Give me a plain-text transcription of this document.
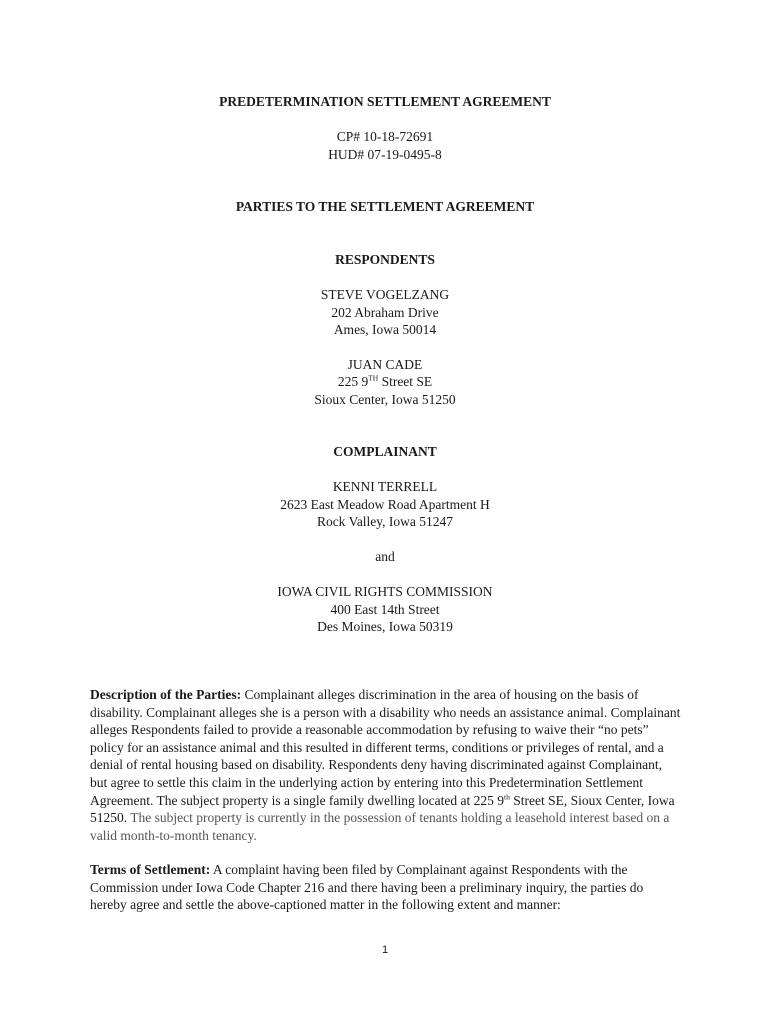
PREDETERMINATION SETTLEMENT AGREEMENT
CP# 10-18-72691
HUD# 07-19-0495-8
PARTIES TO THE SETTLEMENT AGREEMENT
RESPONDENTS
STEVE VOGELZANG
202 Abraham Drive
Ames, Iowa 50014
JUAN CADE
225 9TH Street SE
Sioux Center, Iowa 51250
COMPLAINANT
KENNI TERRELL
2623 East Meadow Road Apartment H
Rock Valley, Iowa 51247
and
IOWA CIVIL RIGHTS COMMISSION
400 East 14th Street
Des Moines, Iowa 50319

Description of the Parties: Complainant alleges discrimination in the area of housing on the basis of disability. Complainant alleges she is a person with a disability who needs an assistance animal. Complainant alleges Respondents failed to provide a reasonable accommodation by refusing to waive their “no pets” policy for an assistance animal and this resulted in different terms, conditions or privileges of rental, and a denial of rental housing based on disability. Respondents deny having discriminated against Complainant, but agree to settle this claim in the underlying action by entering into this Predetermination Settlement Agreement. The subject property is a single family dwelling located at 225 9th Street SE, Sioux Center, Iowa 51250. The subject property is currently in the possession of tenants holding a leasehold interest based on a valid month-to-month tenancy.

Terms of Settlement: A complaint having been filed by Complainant against Respondents with the Commission under Iowa Code Chapter 216 and there having been a preliminary inquiry, the parties do hereby agree and settle the above-captioned matter in the following extent and manner:

1
